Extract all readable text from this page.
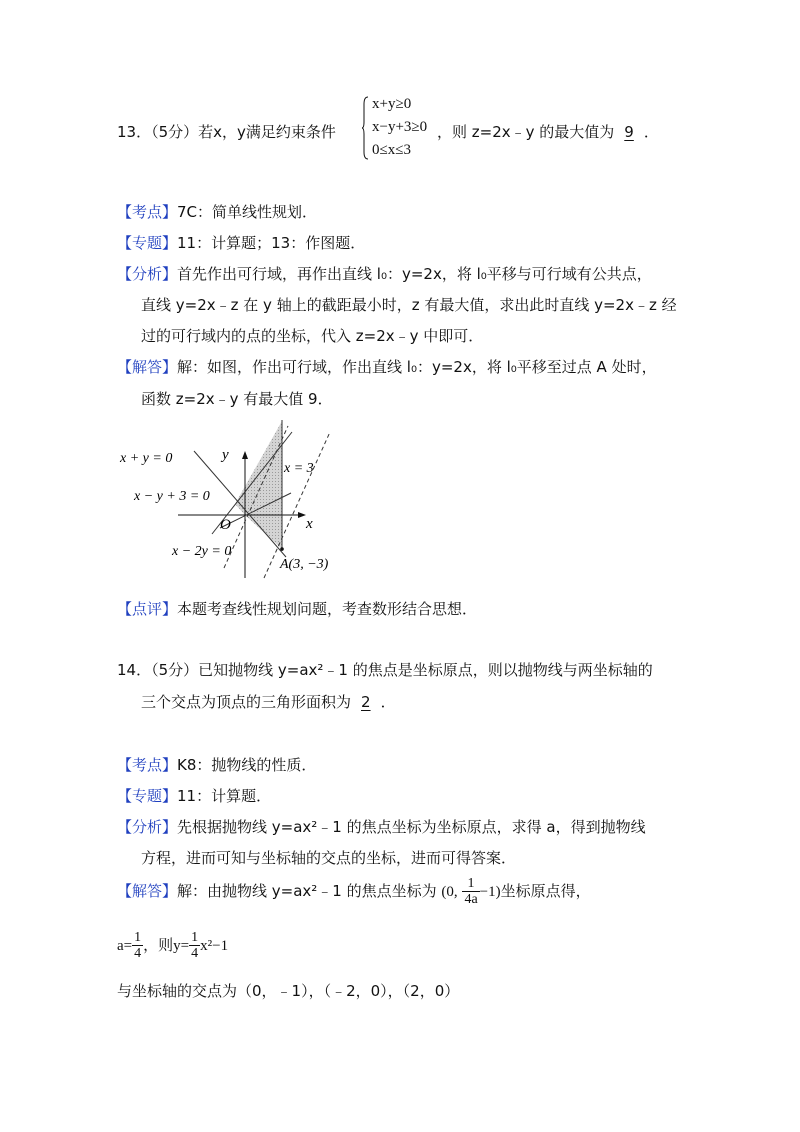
13．（5分）若x，y满足约束条件
x+y≥0
x−y+3≥0
0≤x≤3
，则 z=2x﹣y 的最大值为 9 ．
【考点】7C：简单线性规划．
【专题】11：计算题；13：作图题．
【分析】首先作出可行域，再作出直线 l₀：y=2x，将 l₀平移与可行域有公共点，
直线 y=2x﹣z 在 y 轴上的截距最小时，z 有最大值，求出此时直线 y=2x﹣z 经
过的可行域内的点的坐标，代入 z=2x﹣y 中即可．
【解答】解：如图，作出可行域，作出直线 l₀：y=2x，将 l₀平移至过点 A 处时，
函数 z=2x﹣y 有最大值 9．
x + y = 0
x − y + 3 = 0
x − 2y = 0
x = 3
y
x
O
A(3, −3)
【点评】本题考查线性规划问题，考查数形结合思想．
14．（5分）已知抛物线 y=ax²﹣1 的焦点是坐标原点，则以抛物线与两坐标轴的
三个交点为顶点的三角形面积为 2 ．
【考点】K8：抛物线的性质．
【专题】11：计算题．
【分析】先根据抛物线 y=ax²﹣1 的焦点坐标为坐标原点，求得 a，得到抛物线
方程，进而可知与坐标轴的交点的坐标，进而可得答案．
【解答】解：由抛物线 y=ax²﹣1 的焦点坐标为 (0, $\frac{1}{4a} -1$)坐标原点得，
$a= \frac{1}{4}$ ，则$y= \frac{1}{4} x^2-1$
与坐标轴的交点为（0，﹣1），（﹣2，0），（2，0）
